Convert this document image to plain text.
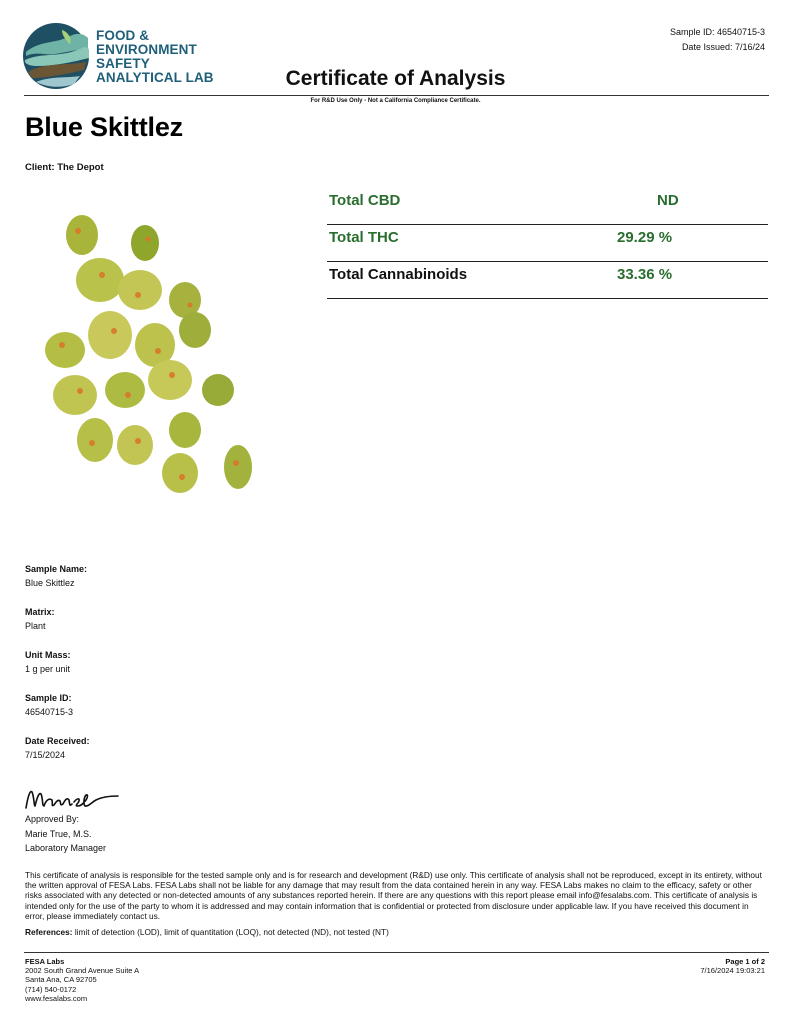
FOOD &
ENVIRONMENT
SAFETY
ANALYTICAL LAB
Sample ID: 46540715-3
Date Issued: 7/16/24
Certificate of Analysis
For R&D Use Only - Not a California Compliance Certificate.
Blue Skittlez
Client: The Depot
Total CBD	ND
Total THC	29.29 %
Total Cannabinoids	33.36 %
Sample Name:
Blue Skittlez
Matrix:
Plant
Unit Mass:
1 g per unit
Sample ID:
46540715-3
Date Received:
7/15/2024
Approved By:
Marie True, M.S.
Laboratory Manager
This certificate of analysis is responsible for the tested sample only and is for research and development (R&D) use only. This certificate of analysis shall not be reproduced, except in its entirety, without the written approval of FESA Labs. FESA Labs shall not be liable for any damage that may result from the data contained herein in any way. FESA Labs makes no claim to the efficacy, safety or other risks associated with any detected or non-detected amounts of any substances reported herein. If there are any questions with this report please email info@fesalabs.com. This certificate of analysis is intended only for the use of the party to whom it is addressed and may contain information that is confidential or protected from disclosure under applicable law. If you have received this document in error, please immediately contact us.
References: limit of detection (LOD), limit of quantitation (LOQ), not detected (ND), not tested (NT)
FESA Labs
2002 South Grand Avenue Suite A
Santa Ana, CA 92705
(714) 540-0172
www.fesalabs.com
Page 1 of 2
7/16/2024 19:03:21
